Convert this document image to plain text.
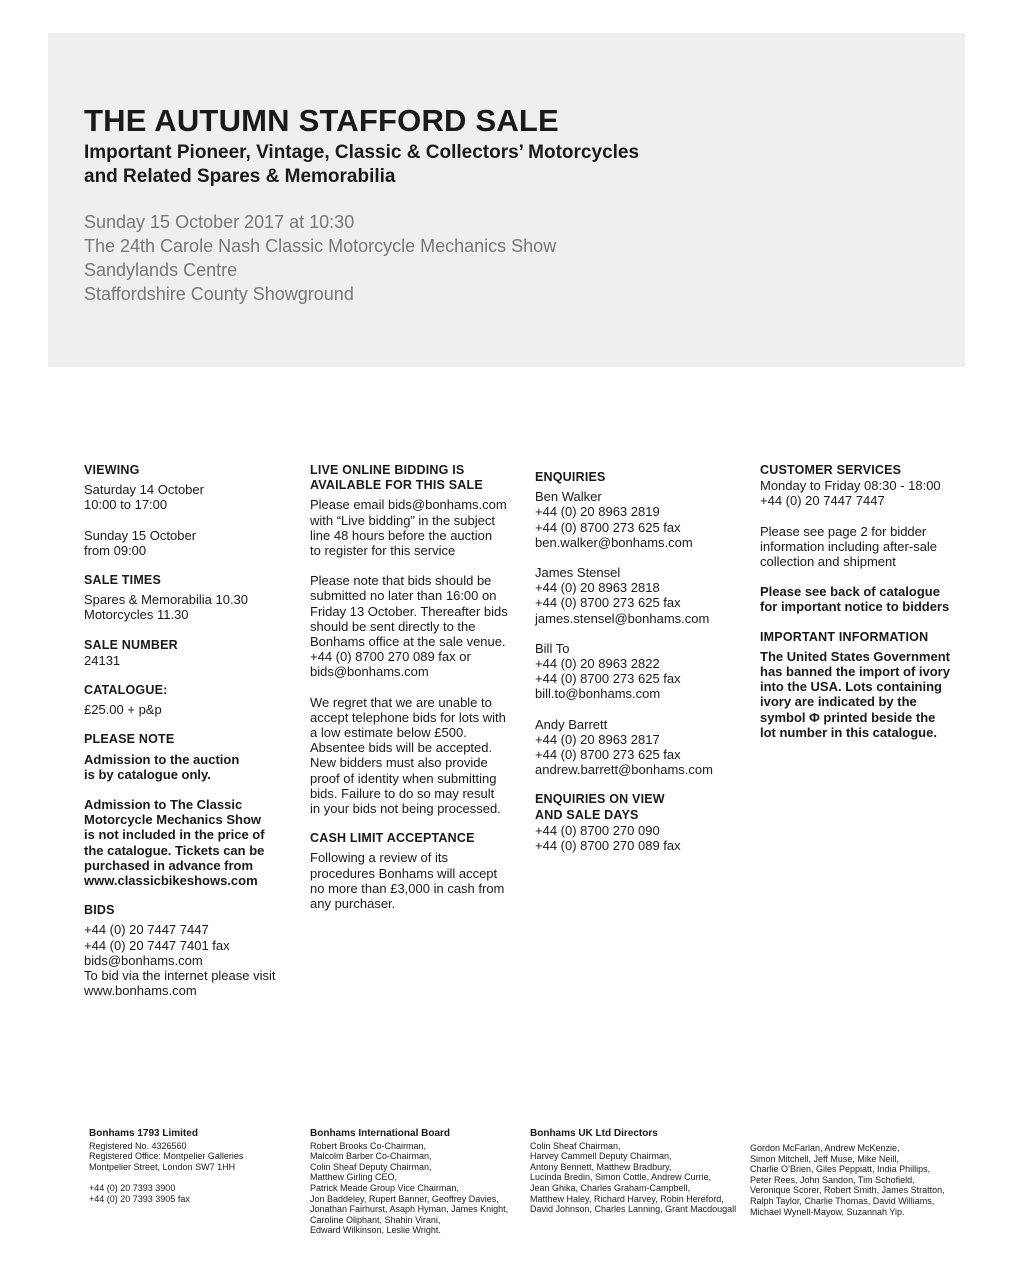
THE AUTUMN STAFFORD SALE
Important Pioneer, Vintage, Classic & Collectors’ Motorcycles
and Related Spares & Memorabilia
Sunday 15 October 2017 at 10:30
The 24th Carole Nash Classic Motorcycle Mechanics Show
Sandylands Centre
Staffordshire County Showground

VIEWING

Saturday 14 October

10:00 to 17:00

Sunday 15 October

from 09:00

SALE TIMES

Spares & Memorabilia 10.30

Motorcycles 11.30

SALE NUMBER

24131

CATALOGUE:

£25.00 + p&p

PLEASE NOTE

Admission to the auction

is by catalogue only.

Admission to The Classic

Motorcycle Mechanics Show

is not included in the price of

the catalogue. Tickets can be

purchased in advance from

www.classicbikeshows.com

BIDS

+44 (0) 20 7447 7447

+44 (0) 20 7447 7401 fax

bids@bonhams.com

To bid via the internet please visit

www.bonhams.com

LIVE ONLINE BIDDING IS

AVAILABLE FOR THIS SALE

Please email bids@bonhams.com

with “Live bidding” in the subject

line 48 hours before the auction

to register for this service

Please note that bids should be

submitted no later than 16:00 on

Friday 13 October. Thereafter bids

should be sent directly to the

Bonhams office at the sale venue.

+44 (0) 8700 270 089 fax or

bids@bonhams.com

We regret that we are unable to

accept telephone bids for lots with

a low estimate below £500.

Absentee bids will be accepted.

New bidders must also provide

proof of identity when submitting

bids. Failure to do so may result

in your bids not being processed.

CASH LIMIT ACCEPTANCE

Following a review of its

procedures Bonhams will accept

no more than £3,000 in cash from

any purchaser.

ENQUIRIES

Ben Walker

+44 (0) 20 8963 2819

+44 (0) 8700 273 625 fax

ben.walker@bonhams.com

James Stensel

+44 (0) 20 8963 2818

+44 (0) 8700 273 625 fax

james.stensel@bonhams.com

Bill To

+44 (0) 20 8963 2822

+44 (0) 8700 273 625 fax

bill.to@bonhams.com

Andy Barrett

+44 (0) 20 8963 2817

+44 (0) 8700 273 625 fax

andrew.barrett@bonhams.com

ENQUIRIES ON VIEW

AND SALE DAYS

+44 (0) 8700 270 090

+44 (0) 8700 270 089 fax

CUSTOMER SERVICES

Monday to Friday 08:30 - 18:00

+44 (0) 20 7447 7447

Please see page 2 for bidder

information including after-sale

collection and shipment

Please see back of catalogue

for important notice to bidders

IMPORTANT INFORMATION

The United States Government

has banned the import of ivory

into the USA. Lots containing

ivory are indicated by the

symbol Φ printed beside the

lot number in this catalogue.

Bonhams 1793 Limited
Registered No. 4326560
Registered Office: Montpelier Galleries
Montpelier Street, London SW7 1HH
+44 (0) 20 7393 3900
+44 (0) 20 7393 3905 fax
Bonhams International Board
Robert Brooks Co-Chairman,
Malcolm Barber Co-Chairman,
Colin Sheaf Deputy Chairman,
Matthew Girling CEO,
Patrick Meade Group Vice Chairman,
Jon Baddeley, Rupert Banner, Geoffrey Davies,
Jonathan Fairhurst, Asaph Hyman, James Knight,
Caroline Oliphant, Shahin Virani,
Edward Wilkinson, Leslie Wright.
Bonhams UK Ltd Directors
Colin Sheaf Chairman,
Harvey Cammell Deputy Chairman,
Antony Bennett, Matthew Bradbury,
Lucinda Bredin, Simon Cottle, Andrew Currie,
Jean Ghika, Charles Graham-Campbell,
Matthew Haley, Richard Harvey, Robin Hereford,
David Johnson, Charles Lanning, Grant Macdougall
Gordon McFarlan, Andrew McKenzie,
Simon Mitchell, Jeff Muse, Mike Neill,
Charlie O’Brien, Giles Peppiatt, India Phillips,
Peter Rees, John Sandon, Tim Schofield,
Veronique Scorer, Robert Smith, James Stratton,
Ralph Taylor, Charlie Thomas, David Williams,
Michael Wynell-Mayow, Suzannah Yip.
